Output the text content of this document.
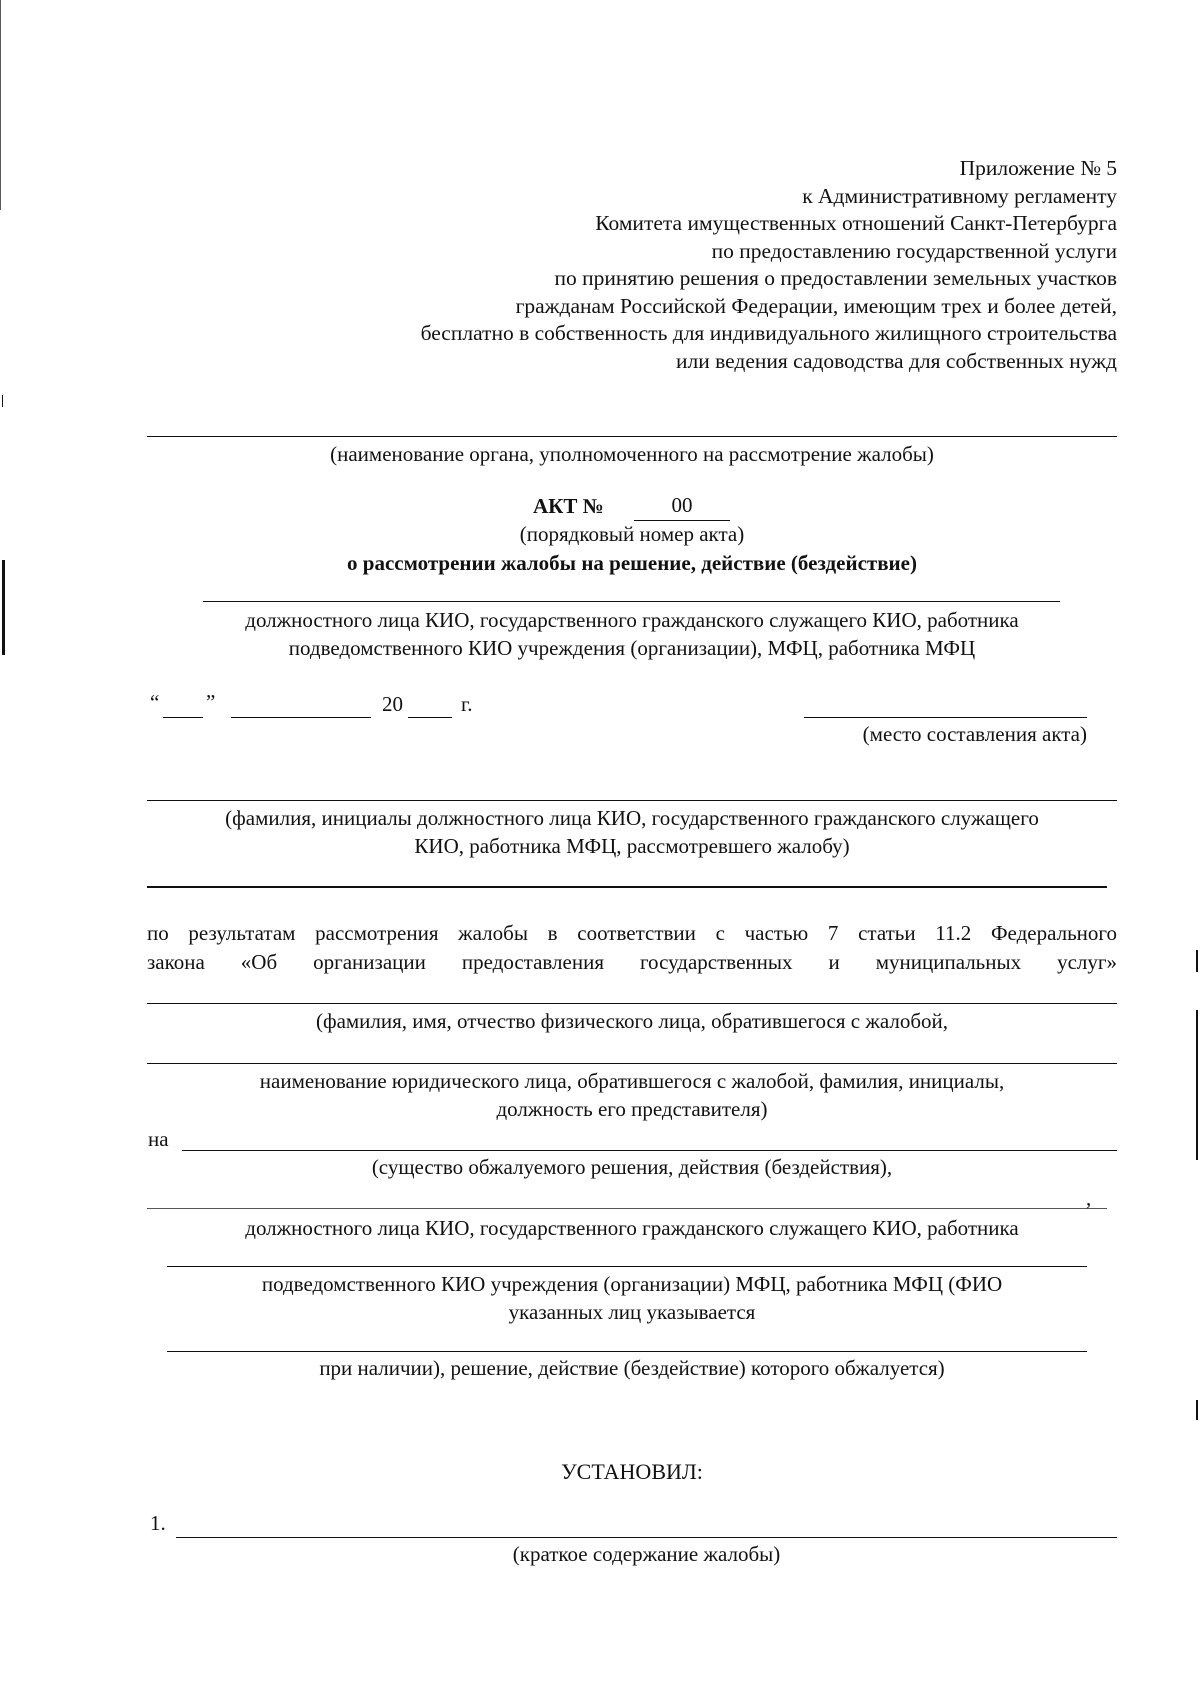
Приложение № 5
к Административному регламенту
Комитета имущественных отношений Санкт-Петербурга
по предоставлению государственной услуги
по принятию решения о предоставлении земельных участков
гражданам Российской Федерации, имеющим трех и более детей,
бесплатно в собственность для индивидуального жилищного строительства
или ведения садоводства для собственных нужд
(наименование органа, уполномоченного на рассмотрение жалобы)
АКТ №	00
(порядковый номер акта)
о рассмотрении жалобы на решение, действие (бездействие)
должностного лица КИО, государственного гражданского служащего КИО, работника
подведомственного КИО учреждения (организации), МФЦ, работника МФЦ
“ ”	20	г.
(место составления акта)
(фамилия, инициалы должностного лица КИО, государственного гражданского служащего
КИО, работника МФЦ, рассмотревшего жалобу)
по результатам рассмотрения жалобы в соответствии с частью 7 статьи 11.2 Федерального
закона «Об организации предоставления государственных и муниципальных услуг»
(фамилия, имя, отчество физического лица, обратившегося с жалобой,
наименование юридического лица, обратившегося с жалобой, фамилия, инициалы,
должность его представителя)
на
(существо обжалуемого решения, действия (бездействия),
,
должностного лица КИО, государственного гражданского служащего КИО, работника
подведомственного КИО учреждения (организации) МФЦ, работника МФЦ (ФИО
указанных лиц указывается
при наличии), решение, действие (бездействие) которого обжалуется)
УСТАНОВИЛ:
1.
(краткое содержание жалобы)
